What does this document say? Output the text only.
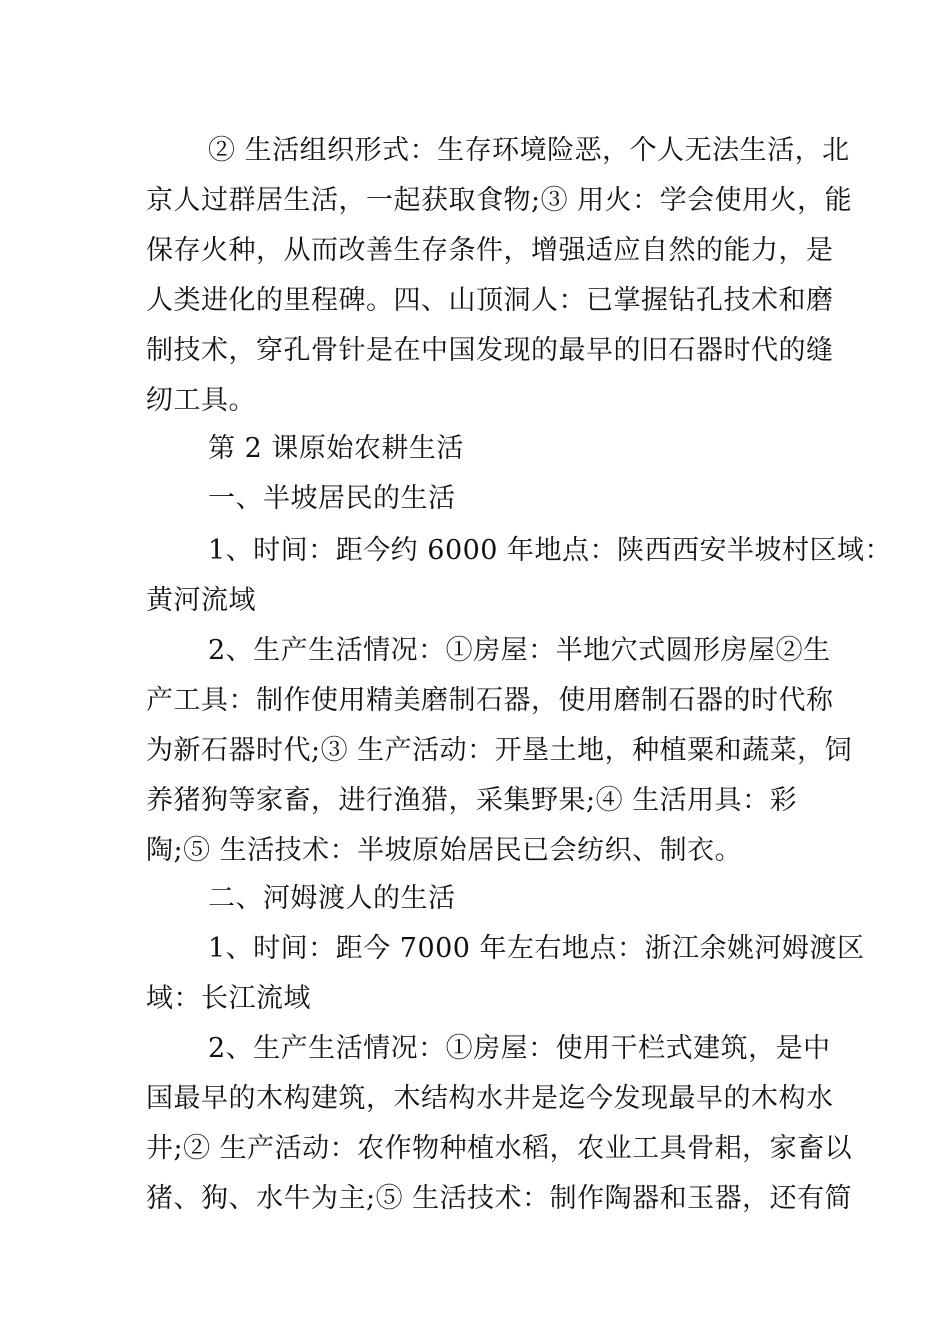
② 生活组织形式：生存环境险恶，个人无法生活，北
京人过群居生活，一起获取食物;③ 用火：学会使用火，能
保存火种，从而改善生存条件，增强适应自然的能力，是
人类进化的里程碑。四、山顶洞人：已掌握钻孔技术和磨
制技术，穿孔骨针是在中国发现的最早的旧石器时代的缝
纫工具。
第 2 课原始农耕生活
一、半坡居民的生活
1、时间：距今约 6000 年地点：陕西西安半坡村区域：
黄河流域
2、生产生活情况：①房屋：半地穴式圆形房屋②生
产工具：制作使用精美磨制石器，使用磨制石器的时代称
为新石器时代;③ 生产活动：开垦土地，种植粟和蔬菜，饲
养猪狗等家畜，进行渔猎，采集野果;④ 生活用具：彩
陶;⑤ 生活技术：半坡原始居民已会纺织、制衣。
二、河姆渡人的生活
1、时间：距今 7000 年左右地点：浙江余姚河姆渡区
域：长江流域
2、生产生活情况：①房屋：使用干栏式建筑，是中
国最早的木构建筑，木结构水井是迄今发现最早的木构水
井;② 生产活动：农作物种植水稻，农业工具骨耜，家畜以
猪、狗、水牛为主;⑤ 生活技术：制作陶器和玉器，还有简
